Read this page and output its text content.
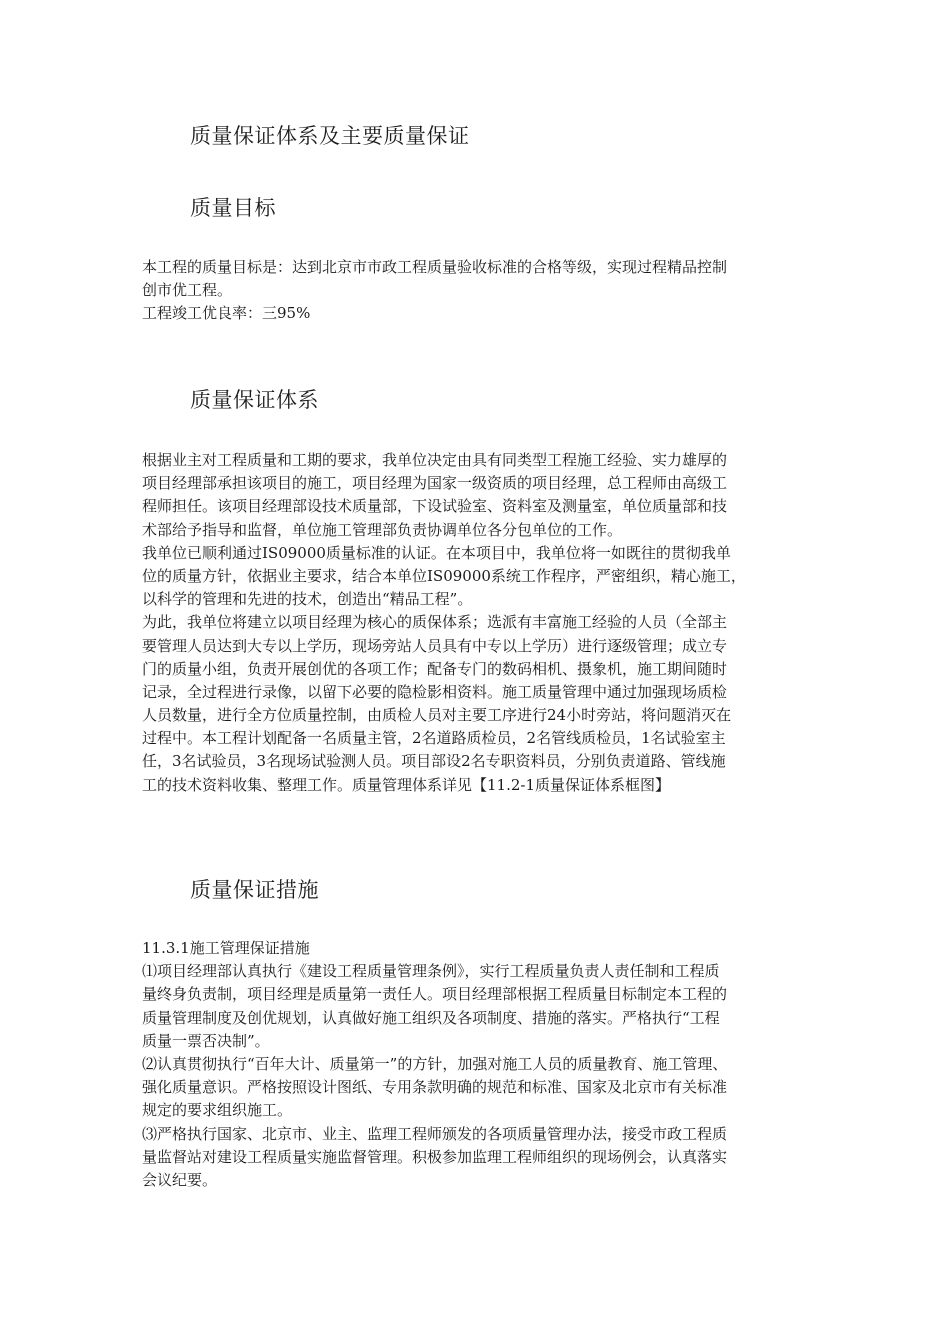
质量保证体系及主要质量保证
质量目标
本工程的质量目标是：达到北京市市政工程质量验收标准的合格等级，实现过程精品控制
创市优工程。
工程竣工优良率：三95%
质量保证体系
根据业主对工程质量和工期的要求，我单位决定由具有同类型工程施工经验、实力雄厚的
项目经理部承担该项目的施工，项目经理为国家一级资质的项目经理，总工程师由高级工
程师担任。该项目经理部设技术质量部，下设试验室、资料室及测量室，单位质量部和技
术部给予指导和监督，单位施工管理部负责协调单位各分包单位的工作。
我单位已顺利通过IS09000质量标准的认证。在本项目中，我单位将一如既往的贯彻我单
位的质量方针，依据业主要求，结合本单位IS09000系统工作程序，严密组织，精心施工，
以科学的管理和先进的技术，创造出“精品工程”。
为此，我单位将建立以项目经理为核心的质保体系；选派有丰富施工经验的人员（全部主
要管理人员达到大专以上学历，现场旁站人员具有中专以上学历）进行逐级管理；成立专
门的质量小组，负责开展创优的各项工作；配备专门的数码相机、摄象机，施工期间随时
记录，全过程进行录像，以留下必要的隐检影相资料。施工质量管理中通过加强现场质检
人员数量，进行全方位质量控制，由质检人员对主要工序进行24小时旁站，将问题消灭在
过程中。本工程计划配备一名质量主管，2名道路质检员，2名管线质检员，1名试验室主
任，3名试验员，3名现场试验测人员。项目部设2名专职资料员，分别负责道路、管线施
工的技术资料收集、整理工作。质量管理体系详见【11.2-1质量保证体系框图】
质量保证措施
11.3.1施工管理保证措施
⑴项目经理部认真执行《建设工程质量管理条例》，实行工程质量负责人责任制和工程质
量终身负责制，项目经理是质量第一责任人。项目经理部根据工程质量目标制定本工程的
质量管理制度及创优规划，认真做好施工组织及各项制度、措施的落实。严格执行“工程
质量一票否决制”。
⑵认真贯彻执行“百年大计、质量第一”的方针，加强对施工人员的质量教育、施工管理、
强化质量意识。严格按照设计图纸、专用条款明确的规范和标准、国家及北京市有关标准
规定的要求组织施工。
⑶严格执行国家、北京市、业主、监理工程师颁发的各项质量管理办法，接受市政工程质
量监督站对建设工程质量实施监督管理。积极参加监理工程师组织的现场例会，认真落实
会议纪要。
